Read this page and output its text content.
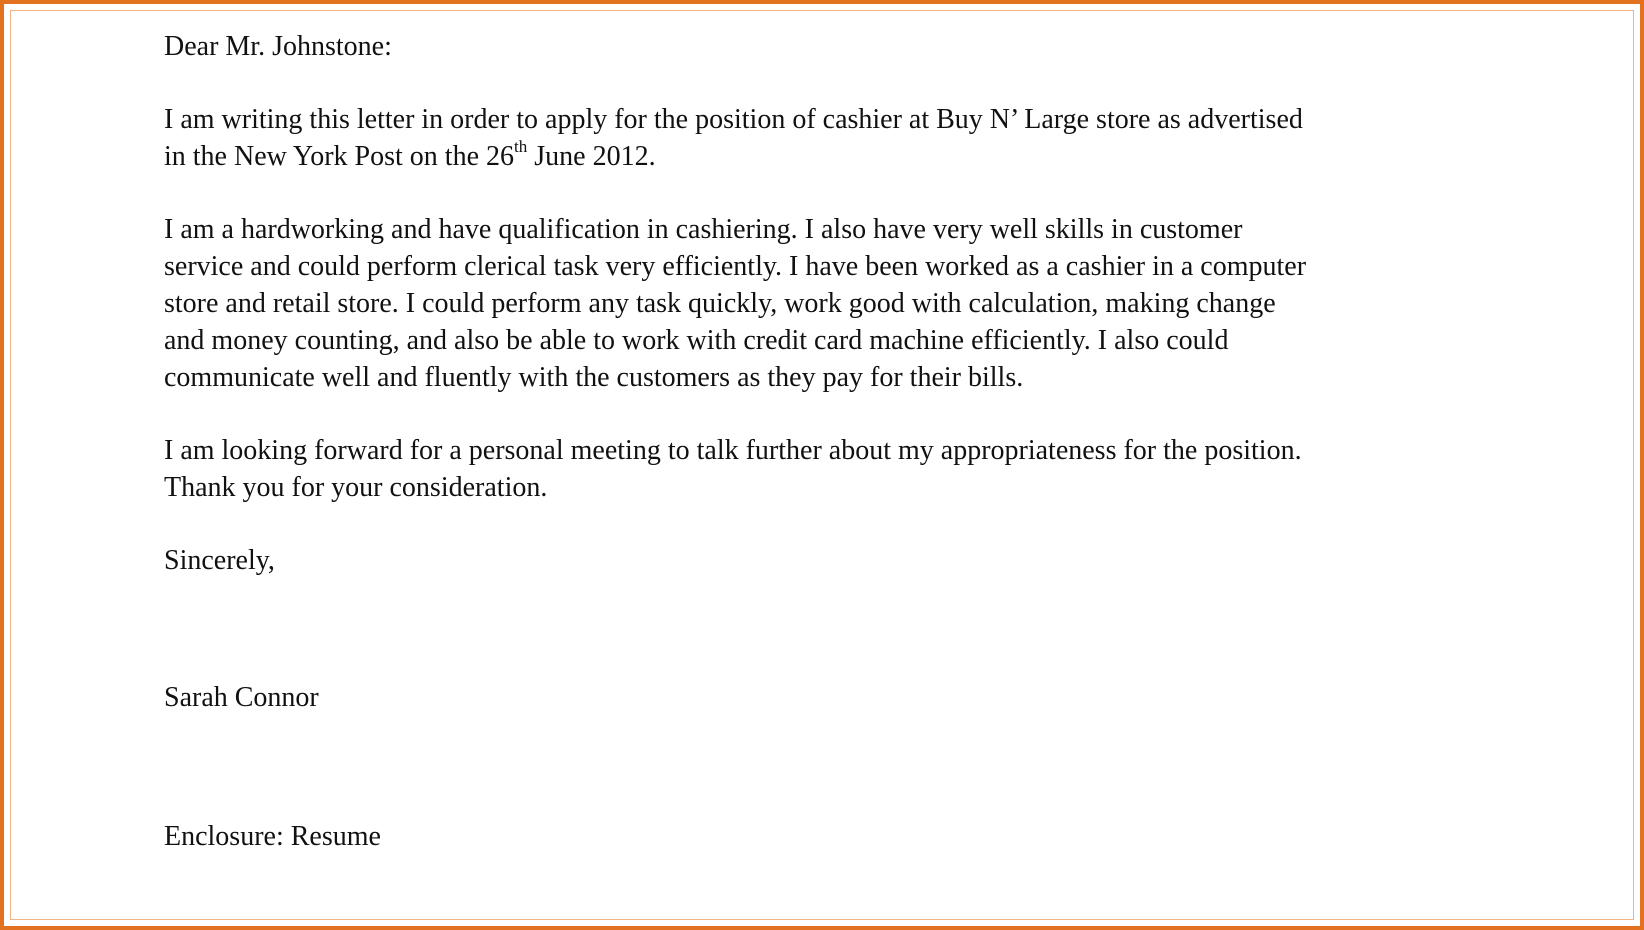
Dear Mr. Johnstone:

I am writing this letter in order to apply for the position of cashier at Buy N’ Large store as advertised
in the New York Post on the 26th June 2012.

I am a hardworking and have qualification in cashiering. I also have very well skills in customer
service and could perform clerical task very efficiently. I have been worked as a cashier in a computer
store and retail store. I could perform any task quickly, work good with calculation, making change
and money counting, and also be able to work with credit card machine efficiently. I also could
communicate well and fluently with the customers as they pay for their bills.

I am looking forward for a personal meeting to talk further about my appropriateness for the position.
Thank you for your consideration.

Sincerely,

Sarah Connor

Enclosure: Resume
